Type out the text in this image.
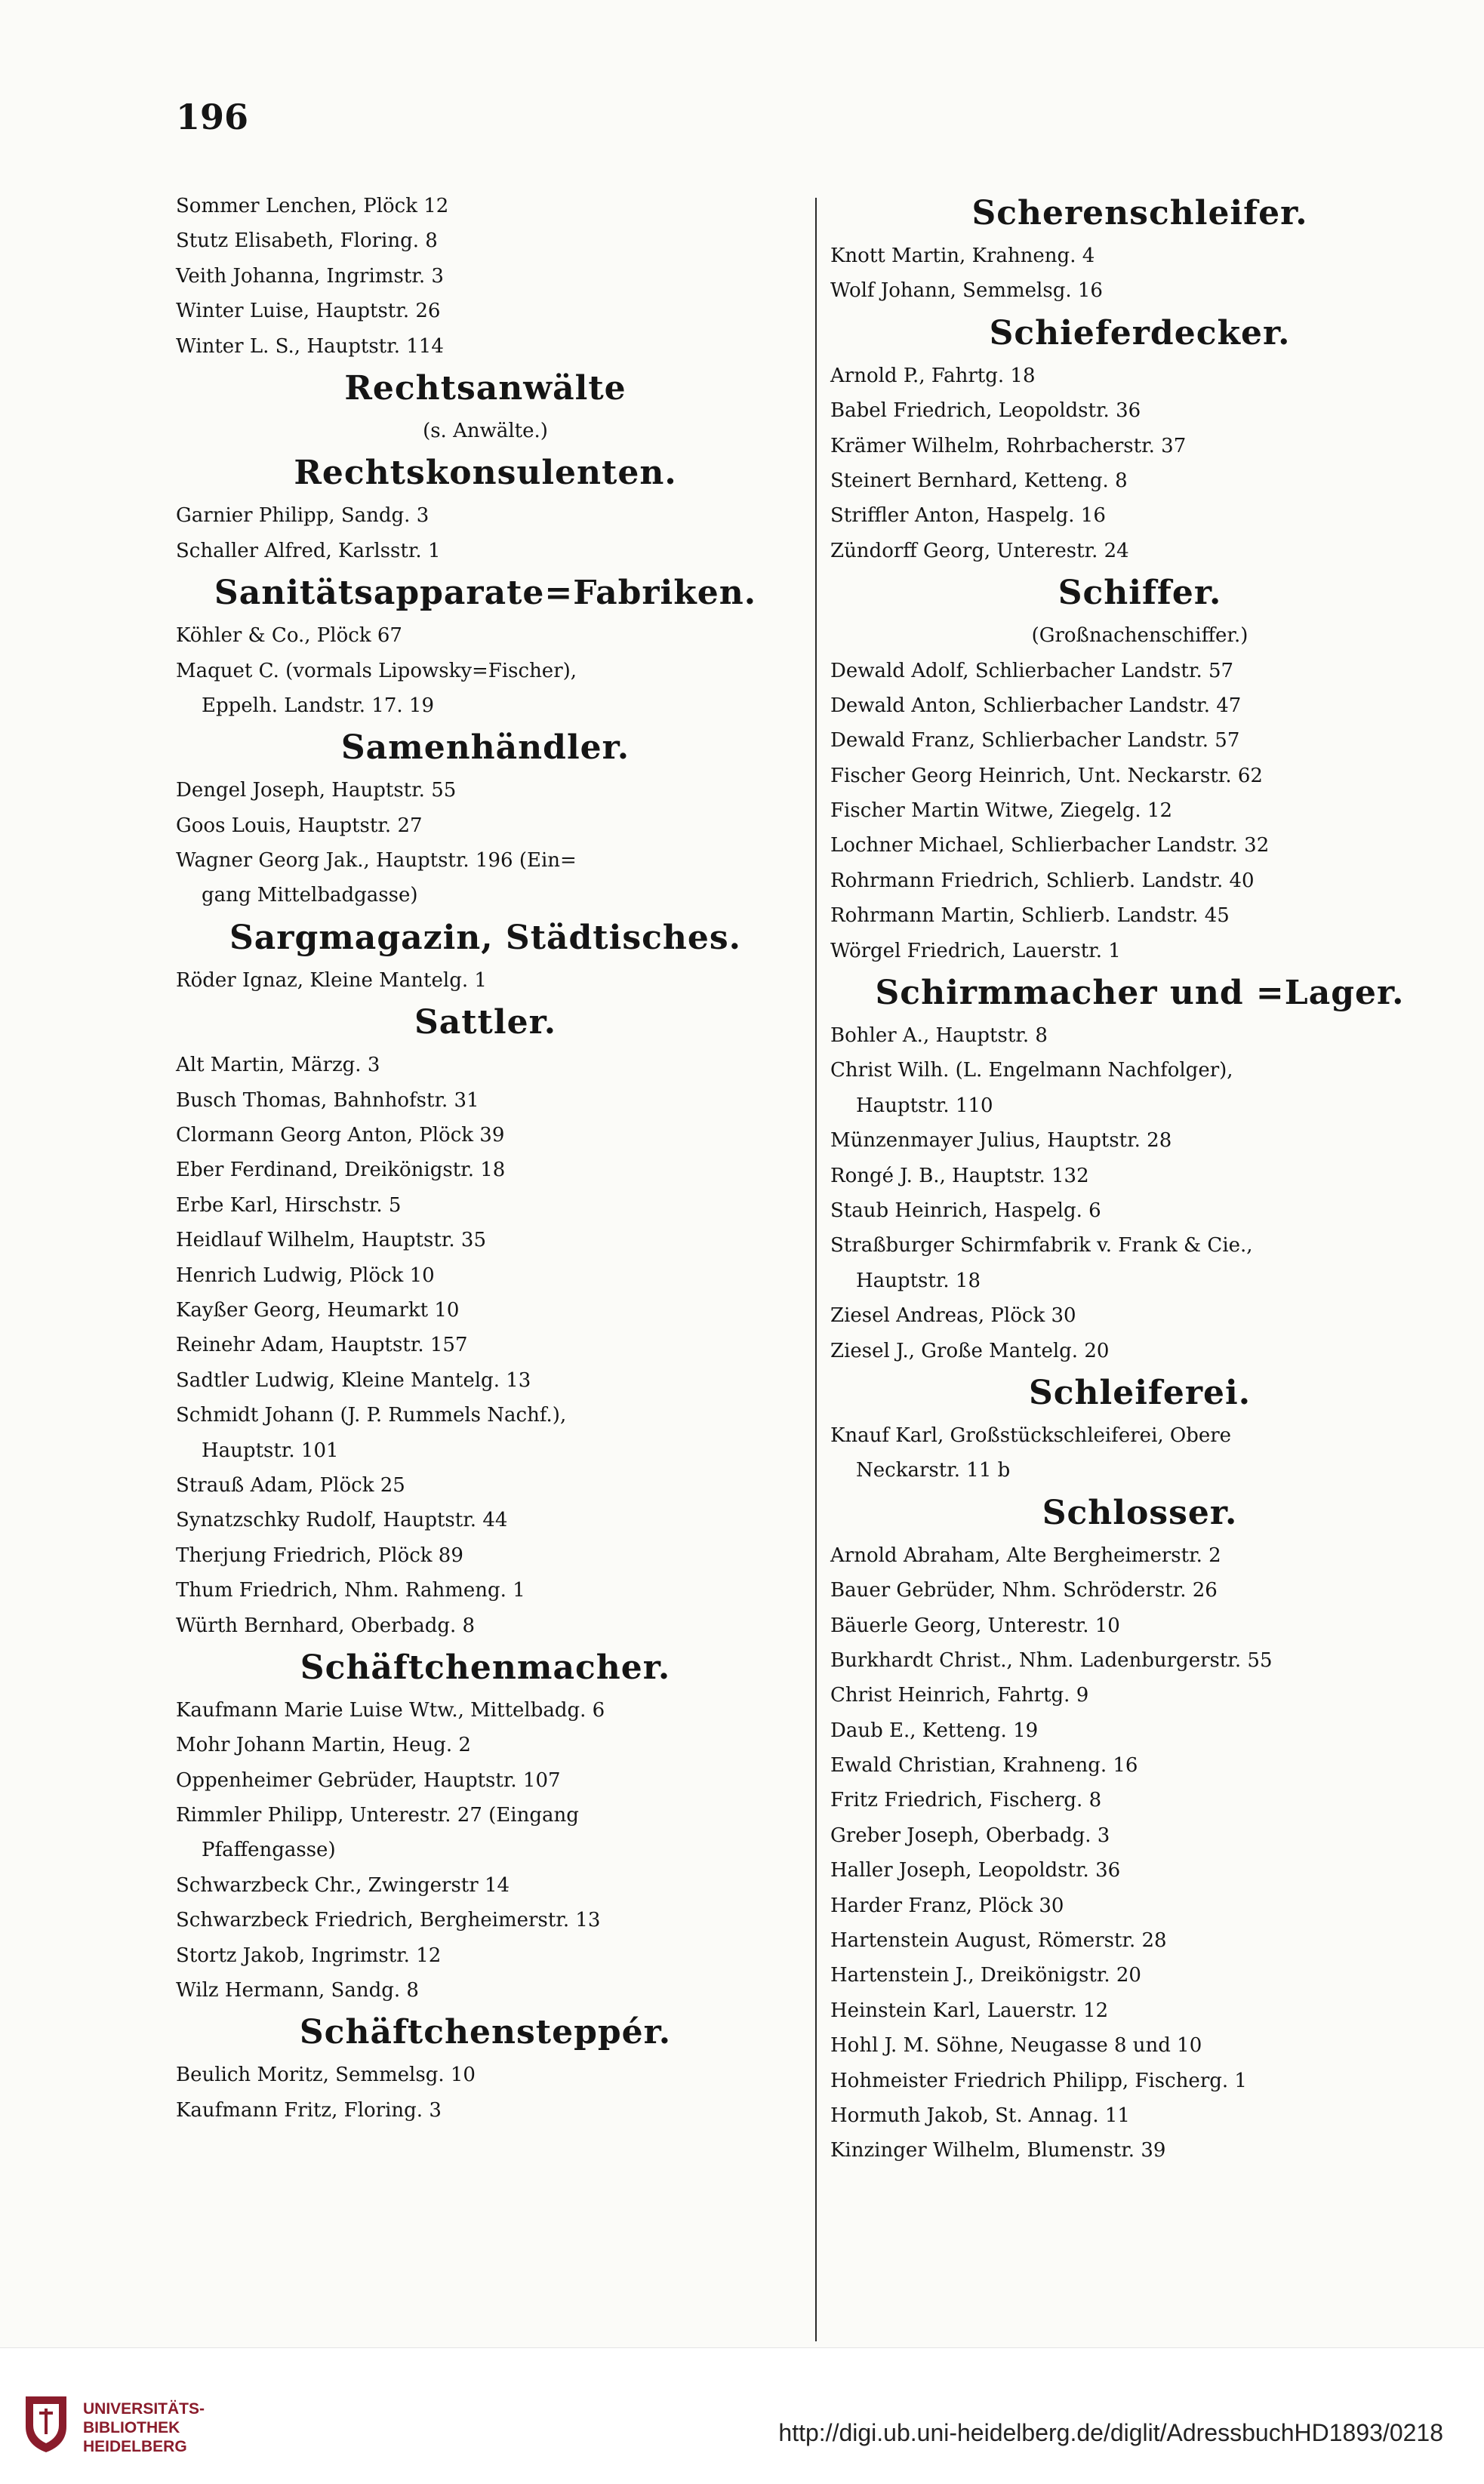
196
Sommer Lenchen, Plöck 12
Stutz Elisabeth, Floring. 8
Veith Johanna, Ingrimstr. 3
Winter Luise, Hauptstr. 26
Winter L. S., Hauptstr. 114
Rechtsanwälte
(s. Anwälte.)
Rechtskonsulenten.
Garnier Philipp, Sandg. 3
Schaller Alfred, Karlsstr. 1
Sanitätsapparate=Fabriken.
Köhler & Co., Plöck 67
Maquet C. (vormals Lipowsky=Fischer),
Eppelh. Landstr. 17. 19
Samenhändler.
Dengel Joseph, Hauptstr. 55
Goos Louis, Hauptstr. 27
Wagner Georg Jak., Hauptstr. 196 (Ein=
gang Mittelbadgasse)
Sargmagazin, Städtisches.
Röder Ignaz, Kleine Mantelg. 1
Sattler.
Alt Martin, Märzg. 3
Busch Thomas, Bahnhofstr. 31
Clormann Georg Anton, Plöck 39
Eber Ferdinand, Dreikönigstr. 18
Erbe Karl, Hirschstr. 5
Heidlauf Wilhelm, Hauptstr. 35
Henrich Ludwig, Plöck 10
Kayßer Georg, Heumarkt 10
Reinehr Adam, Hauptstr. 157
Sadtler Ludwig, Kleine Mantelg. 13
Schmidt Johann (J. P. Rummels Nachf.),
Hauptstr. 101
Strauß Adam, Plöck 25
Synatzschky Rudolf, Hauptstr. 44
Therjung Friedrich, Plöck 89
Thum Friedrich, Nhm. Rahmeng. 1
Würth Bernhard, Oberbadg. 8
Schäftchenmacher.
Kaufmann Marie Luise Wtw., Mittelbadg. 6
Mohr Johann Martin, Heug. 2
Oppenheimer Gebrüder, Hauptstr. 107
Rimmler Philipp, Unterestr. 27 (Eingang
Pfaffengasse)
Schwarzbeck Chr., Zwingerstr 14
Schwarzbeck Friedrich, Bergheimerstr. 13
Stortz Jakob, Ingrimstr. 12
Wilz Hermann, Sandg. 8
Schäftchensteppér.
Beulich Moritz, Semmelsg. 10
Kaufmann Fritz, Floring. 3
Scherenschleifer.
Knott Martin, Krahneng. 4
Wolf Johann, Semmelsg. 16
Schieferdecker.
Arnold P., Fahrtg. 18
Babel Friedrich, Leopoldstr. 36
Krämer Wilhelm, Rohrbacherstr. 37
Steinert Bernhard, Ketteng. 8
Striffler Anton, Haspelg. 16
Zündorff Georg, Unterestr. 24
Schiffer.
(Großnachenschiffer.)
Dewald Adolf, Schlierbacher Landstr. 57
Dewald Anton, Schlierbacher Landstr. 47
Dewald Franz, Schlierbacher Landstr. 57
Fischer Georg Heinrich, Unt. Neckarstr. 62
Fischer Martin Witwe, Ziegelg. 12
Lochner Michael, Schlierbacher Landstr. 32
Rohrmann Friedrich, Schlierb. Landstr. 40
Rohrmann Martin, Schlierb. Landstr. 45
Wörgel Friedrich, Lauerstr. 1
Schirmmacher und =Lager.
Bohler A., Hauptstr. 8
Christ Wilh. (L. Engelmann Nachfolger),
Hauptstr. 110
Münzenmayer Julius, Hauptstr. 28
Rongé J. B., Hauptstr. 132
Staub Heinrich, Haspelg. 6
Straßburger Schirmfabrik v. Frank & Cie.,
Hauptstr. 18
Ziesel Andreas, Plöck 30
Ziesel J., Große Mantelg. 20
Schleiferei.
Knauf Karl, Großstückschleiferei, Obere
Neckarstr. 11 b
Schlosser.
Arnold Abraham, Alte Bergheimerstr. 2
Bauer Gebrüder, Nhm. Schröderstr. 26
Bäuerle Georg, Unterestr. 10
Burkhardt Christ., Nhm. Ladenburgerstr. 55
Christ Heinrich, Fahrtg. 9
Daub E., Ketteng. 19
Ewald Christian, Krahneng. 16
Fritz Friedrich, Fischerg. 8
Greber Joseph, Oberbadg. 3
Haller Joseph, Leopoldstr. 36
Harder Franz, Plöck 30
Hartenstein August, Römerstr. 28
Hartenstein J., Dreikönigstr. 20
Heinstein Karl, Lauerstr. 12
Hohl J. M. Söhne, Neugasse 8 und 10
Hohmeister Friedrich Philipp, Fischerg. 1
Hormuth Jakob, St. Annag. 11
Kinzinger Wilhelm, Blumenstr. 39
UNIVERSITÄTS-
BIBLIOTHEK
HEIDELBERG
http://digi.ub.uni-heidelberg.de/diglit/AdressbuchHD1893/0218
